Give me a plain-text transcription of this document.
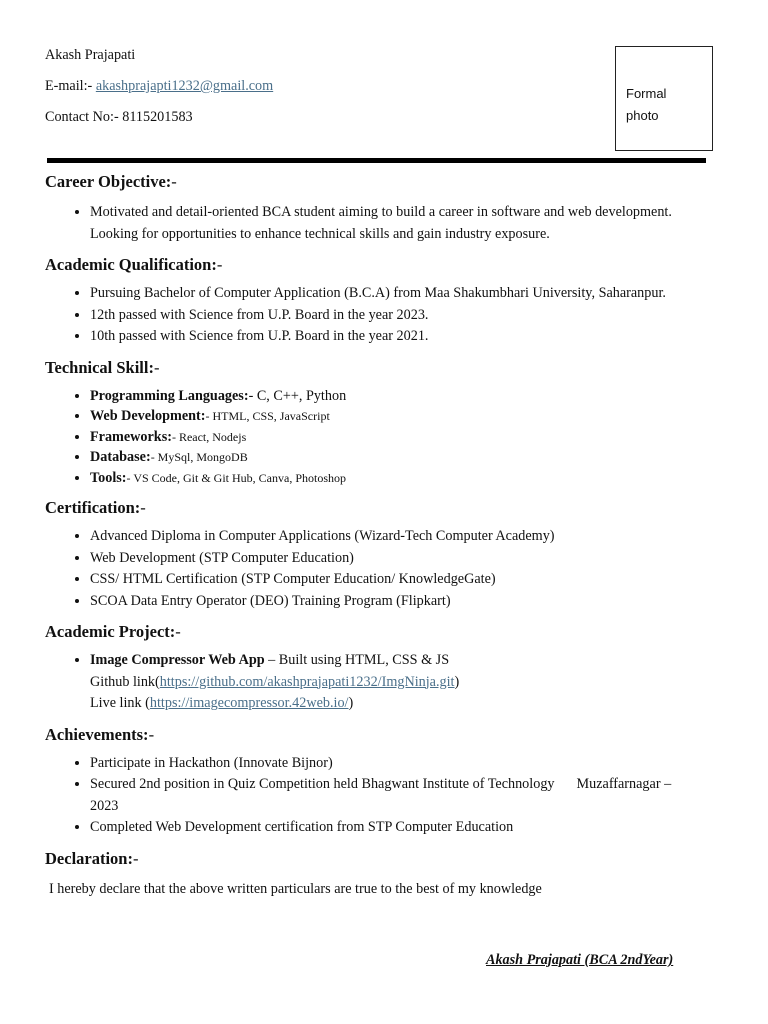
Akash Prajapati
E-mail:- akashprajapti1232@gmail.com
Contact No:- 8115201583
Formal
photo
Career Objective:-
• Motivated and detail-oriented BCA student aiming to build a career in software and web development.
Looking for opportunities to enhance technical skills and gain industry exposure.
Academic Qualification:-
• Pursuing Bachelor of Computer Application (B.C.A) from Maa Shakumbhari University, Saharanpur.
• 12th passed with Science from U.P. Board in the year 2023.
• 10th passed with Science from U.P. Board in the year 2021.
Technical Skill:-
• Programming Languages:- C, C++, Python
• Web Development:- HTML, CSS, JavaScript
• Frameworks:- React, Nodejs
• Database:- MySql, MongoDB
• Tools:- VS Code, Git & Git Hub, Canva, Photoshop
Certification:-
• Advanced Diploma in Computer Applications (Wizard-Tech Computer Academy)
• Web Development (STP Computer Education)
• CSS/ HTML Certification (STP Computer Education/ KnowledgeGate)
• SCOA Data Entry Operator (DEO) Training Program (Flipkart)
Academic Project:-
• Image Compressor Web App – Built using HTML, CSS & JS
Github link(https://github.com/akashprajapati1232/ImgNinja.git)
Live link (https://imagecompressor.42web.io/)
Achievements:-
• Participate in Hackathon (Innovate Bijnor)
• Secured 2nd position in Quiz Competition held Bhagwant Institute of Technology Muzaffarnagar –
2023
• Completed Web Development certification from STP Computer Education
Declaration:-
I hereby declare that the above written particulars are true to the best of my knowledge
Akash Prajapati (BCA 2ndYear)
